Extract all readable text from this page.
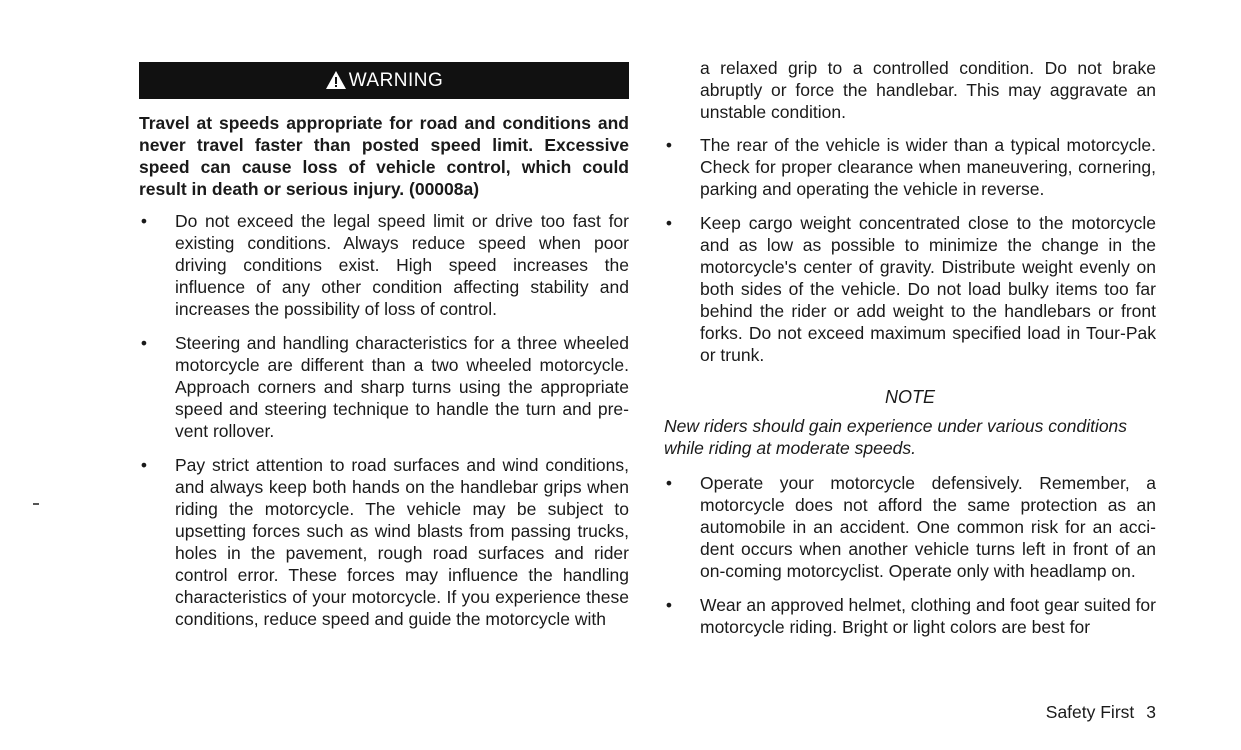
WARNING
Travel at speeds appropriate for road and conditions and never travel faster than posted speed limit. Excessive speed can cause loss of vehicle control, which could result in death or serious injury. (00008a)
• Do not exceed the legal speed limit or drive too fast for existing conditions. Always reduce speed when poor driving conditions exist. High speed increases the influence of any other condition affecting stability and increases the possibility of loss of control.
• Steering and handling characteristics for a three wheeled motorcycle are different than a two wheeled motorcycle. Approach corners and sharp turns using the appropriate speed and steering technique to handle the turn and pre-vent rollover.
• Pay strict attention to road surfaces and wind conditions, and always keep both hands on the handlebar grips when riding the motorcycle. The vehicle may be subject to upsetting forces such as wind blasts from passing trucks, holes in the pavement, rough road surfaces and rider control error. These forces may influence the handling characteristics of your motorcycle. If you experience these conditions, reduce speed and guide the motorcycle with
a relaxed grip to a controlled condition. Do not brake abruptly or force the handlebar. This may aggravate an unstable condition.
• The rear of the vehicle is wider than a typical motorcycle. Check for proper clearance when maneuvering, cornering, parking and operating the vehicle in reverse.
• Keep cargo weight concentrated close to the motorcycle and as low as possible to minimize the change in the motorcycle's center of gravity. Distribute weight evenly on both sides of the vehicle. Do not load bulky items too far behind the rider or add weight to the handlebars or front forks. Do not exceed maximum specified load in Tour-Pak or trunk.
NOTE
New riders should gain experience under various conditions while riding at moderate speeds.
• Operate your motorcycle defensively. Remember, a motorcycle does not afford the same protection as an automobile in an accident. One common risk for an acci-dent occurs when another vehicle turns left in front of an on-coming motorcyclist. Operate only with headlamp on.
• Wear an approved helmet, clothing and foot gear suited for motorcycle riding. Bright or light colors are best for
Safety First 3
